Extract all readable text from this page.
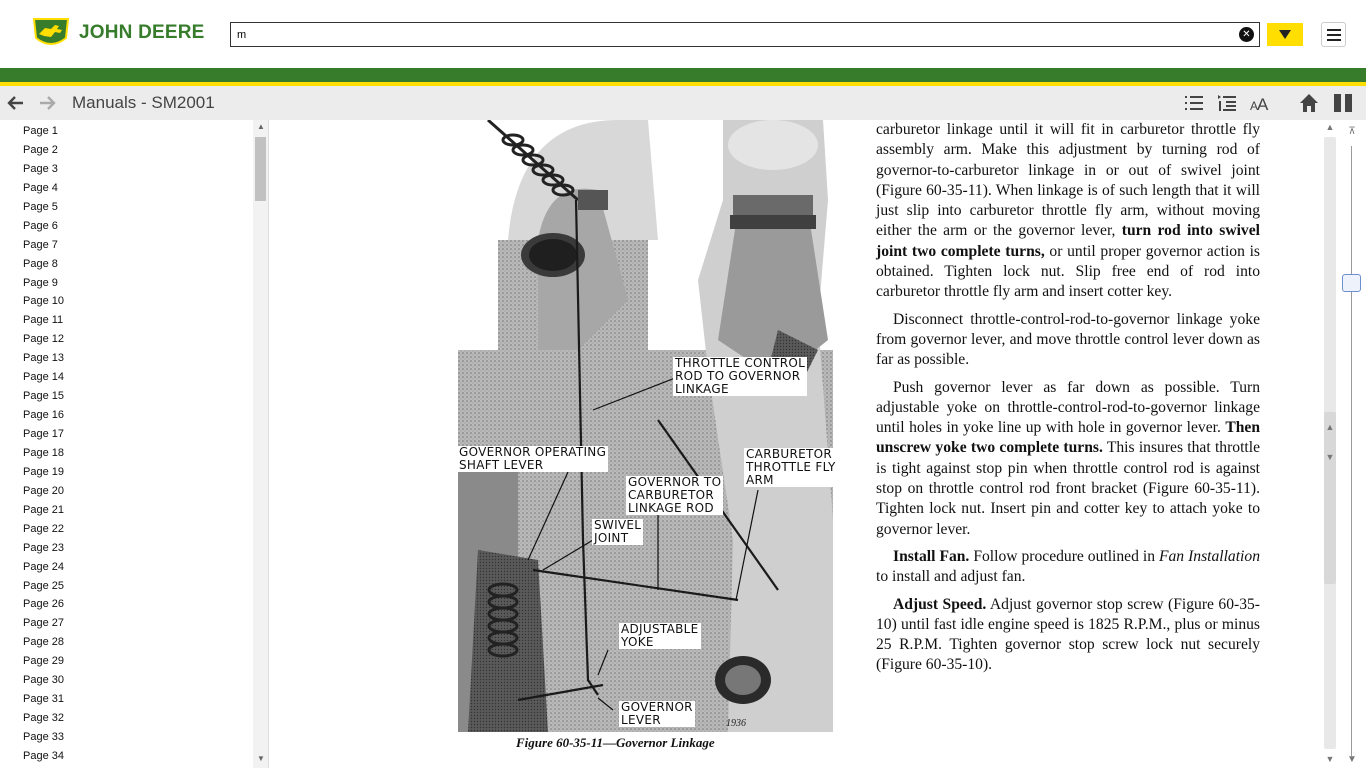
JOHN DEERE
m	✕
Manuals - SM2001	A
A
Page 1
Page 2
Page 3
Page 4
Page 5
Page 6
Page 7
Page 8
Page 9
Page 10
Page 11
Page 12
Page 13
Page 14
Page 15
Page 16
Page 17
Page 18
Page 19
Page 20
Page 21
Page 22
Page 23
Page 24
Page 25
Page 26
Page 27
Page 28
Page 29
Page 30
Page 31
Page 32
Page 33
Page 34
▲
▼
1936
THROTTLE CONTROL
ROD TO GOVERNOR
LINKAGE
GOVERNOR OPERATING
SHAFT LEVER
CARBURETOR
THROTTLE FLY
ARM
GOVERNOR TO
CARBURETOR
LINKAGE ROD
SWIVEL
JOINT
ADJUSTABLE
YOKE
GOVERNOR
LEVER
Figure 60-35-11—Governor Linkage

carburetor linkage until it will fit in carburetor throttle fly assembly arm. Make this adjustment by turning rod of governor-to-carburetor linkage in or out of swivel joint (Figure 60-35-11). When linkage is of such length that it will just slip into carburetor throttle fly arm, without moving either the arm or the governor lever, turn rod into swivel joint two complete turns, or until proper governor action is obtained. Tighten lock nut. Slip free end of rod into carburetor throttle fly arm and insert cotter key.

Disconnect throttle-control-rod-to-governor linkage yoke from governor lever, and move throttle control lever down as far as possible.

Push governor lever as far down as possible. Turn adjustable yoke on throttle-control-rod-to-governor linkage until holes in yoke line up with hole in governor lever. Then unscrew yoke two complete turns. This insures that throttle is tight against stop pin when throttle control rod is against stop on throttle control rod front bracket (Figure 60-35-11). Tighten lock nut. Insert pin and cotter key to attach yoke to governor lever.

Install Fan. Follow procedure outlined in Fan Installation to install and adjust fan.

Adjust Speed. Adjust governor stop screw (Figure 60-35-10) until fast idle engine speed is 1825 R.P.M., plus or minus 25 R.P.M. Tighten governor stop screw lock nut securely (Figure 60-35-10).

▲
▲
▼
▼
⊼
▼
